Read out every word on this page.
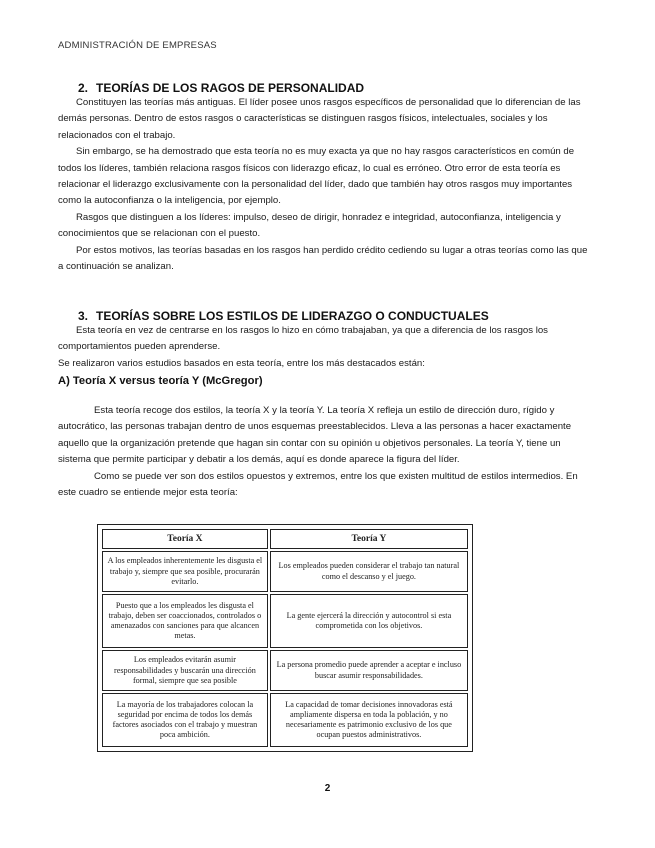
ADMINISTRACIÓN DE EMPRESAS
2. TEORÍAS DE LOS RAGOS DE PERSONALIDAD

Constituyen las teorías más antiguas. El líder posee unos rasgos específicos de personalidad que lo diferencian de las demás personas. Dentro de estos rasgos o características se distinguen rasgos físicos, intelectuales, sociales y los relacionados con el trabajo.

Sin embargo, se ha demostrado que esta teoría no es muy exacta ya que no hay rasgos característicos en común de todos los líderes, también relaciona rasgos físicos con liderazgo eficaz, lo cual es erróneo. Otro error de esta teoría es relacionar el liderazgo exclusivamente con la personalidad del líder, dado que también hay otros rasgos muy importantes como la autoconfianza o la inteligencia, por ejemplo.

Rasgos que distinguen a los líderes: impulso, deseo de dirigir, honradez e integridad, autoconfianza, inteligencia y conocimientos que se relacionan con el puesto.

Por estos motivos, las teorías basadas en los rasgos han perdido crédito cediendo su lugar a otras teorías como las que a continuación se analizan.

3. TEORÍAS SOBRE LOS ESTILOS DE LIDERAZGO O CONDUCTUALES

Esta teoría en vez de centrarse en los rasgos lo hizo en cómo trabajaban, ya que a diferencia de los rasgos los comportamientos pueden aprenderse.

Se realizaron varios estudios basados en esta teoría, entre los más destacados están:

A) Teoría X versus teoría Y (McGregor)

Esta teoría recoge dos estilos, la teoría X y la teoría Y. La teoría X refleja un estilo de dirección duro, rígido y autocrático, las personas trabajan dentro de unos esquemas preestablecidos. Lleva a las personas a hacer exactamente aquello que la organización pretende que hagan sin contar con su opinión u objetivos personales. La teoría Y, tiene un sistema que permite participar y debatir a los demás, aquí es donde aparece la figura del líder.

Como se puede ver son dos estilos opuestos y extremos, entre los que existen multitud de estilos intermedios. En este cuadro se entiende mejor esta teoría:

Teoría X	Teoría Y
A los empleados inherentemente les disgusta el trabajo y, siempre que sea posible, procurarán evitarlo.	Los empleados pueden considerar el trabajo tan natural como el descanso y el juego.
Puesto que a los empleados les disgusta el trabajo, deben ser coaccionados, controlados o amenazados con sanciones para que alcancen metas.	La gente ejercerá la dirección y autocontrol si esta comprometida con los objetivos.
Los empleados evitarán asumir responsabilidades y buscarán una dirección formal, siempre que sea posible	La persona promedio puede aprender a aceptar e incluso buscar asumir responsabilidades.
La mayoría de los trabajadores colocan la seguridad por encima de todos los demás factores asociados con el trabajo y muestran poca ambición.	La capacidad de tomar decisiones innovadoras está ampliamente dispersa en toda la población, y no necesariamente es patrimonio exclusivo de los que ocupan puestos administrativos.
2
